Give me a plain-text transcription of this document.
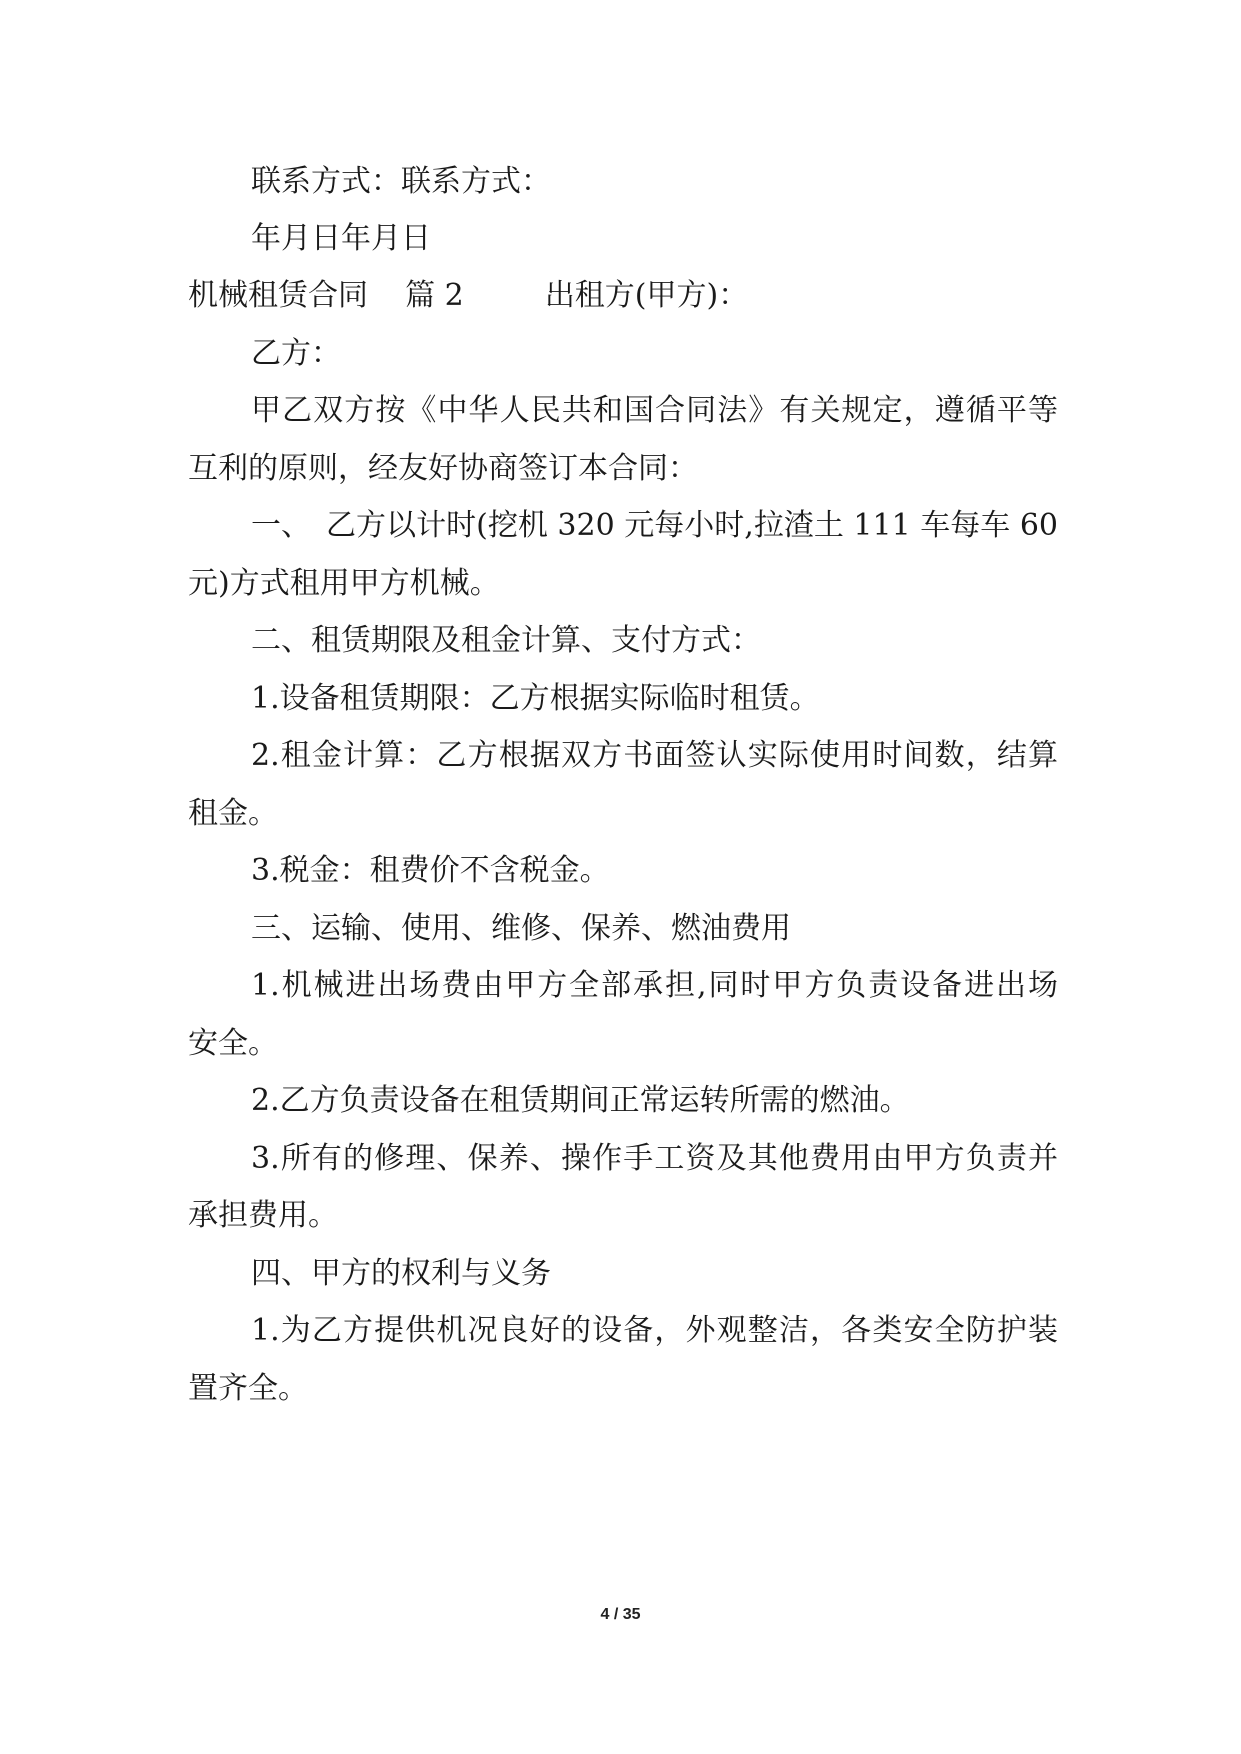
联系方式：联系方式：

年月日年月日

机械租赁合同 篇 2	出租方(甲方)：

乙方：

甲乙双方按《中华人民共和国合同法》有关规定，遵循平等

互利的原则，经友好协商签订本合同：

一、　乙方以计时(挖机 320 元每小时,拉渣土 111 车每车 60

元)方式租用甲方机械。

二、租赁期限及租金计算、支付方式：

1.设备租赁期限：乙方根据实际临时租赁。

2.租金计算：乙方根据双方书面签认实际使用时间数，结算

租金。

3.税金：租费价不含税金。

三、运输、使用、维修、保养、燃油费用

1.机械进出场费由甲方全部承担,同时甲方负责设备进出场

安全。

2.乙方负责设备在租赁期间正常运转所需的燃油。

3.所有的修理、保养、操作手工资及其他费用由甲方负责并

承担费用。

四、甲方的权利与义务

1.为乙方提供机况良好的设备，外观整洁，各类安全防护装

置齐全。

4 / 35
